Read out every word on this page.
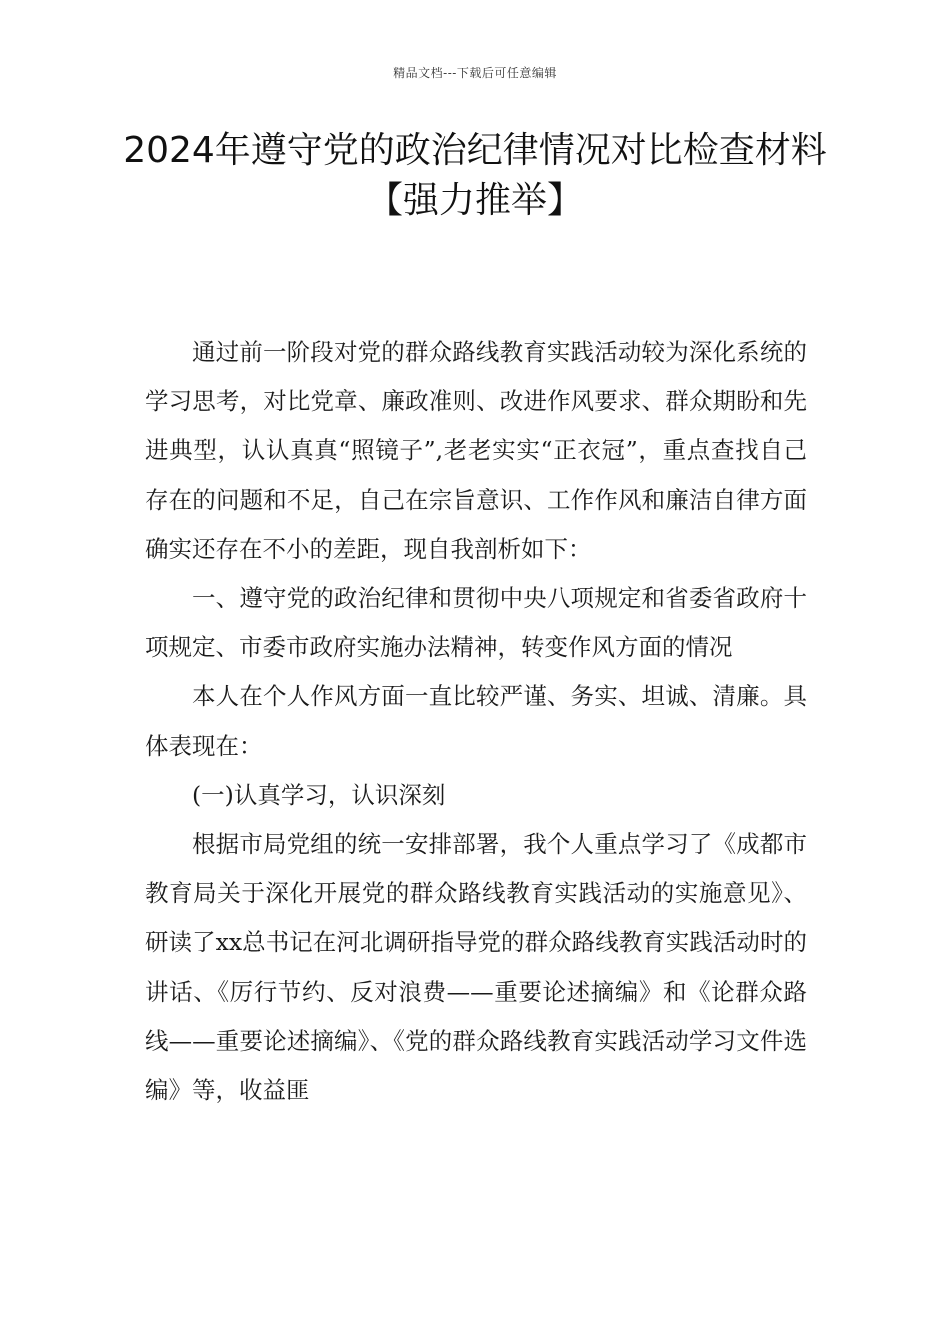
精品文档---下载后可任意编辑
2024年遵守党的政治纪律情况对比检查材料【强力推举】

通过前一阶段对党的群众路线教育实践活动较为深化系统的学习思考，对比党章、廉政准则、改进作风要求、群众期盼和先进典型，认认真真“照镜子”,老老实实“正衣冠”，重点查找自己存在的问题和不足，自己在宗旨意识、工作作风和廉洁自律方面确实还存在不小的差距，现自我剖析如下：

一、遵守党的政治纪律和贯彻中央八项规定和省委省政府十项规定、市委市政府实施办法精神，转变作风方面的情况

本人在个人作风方面一直比较严谨、务实、坦诚、清廉。具体表现在：

(一)认真学习，认识深刻

根据市局党组的统一安排部署，我个人重点学习了《成都市教育局关于深化开展党的群众路线教育实践活动的实施意见》、研读了xx总书记在河北调研指导党的群众路线教育实践活动时的讲话、《厉行节约、反对浪费——重要论述摘编》和《论群众路线——重要论述摘编》、《党的群众路线教育实践活动学习文件选编》等，收益匪
